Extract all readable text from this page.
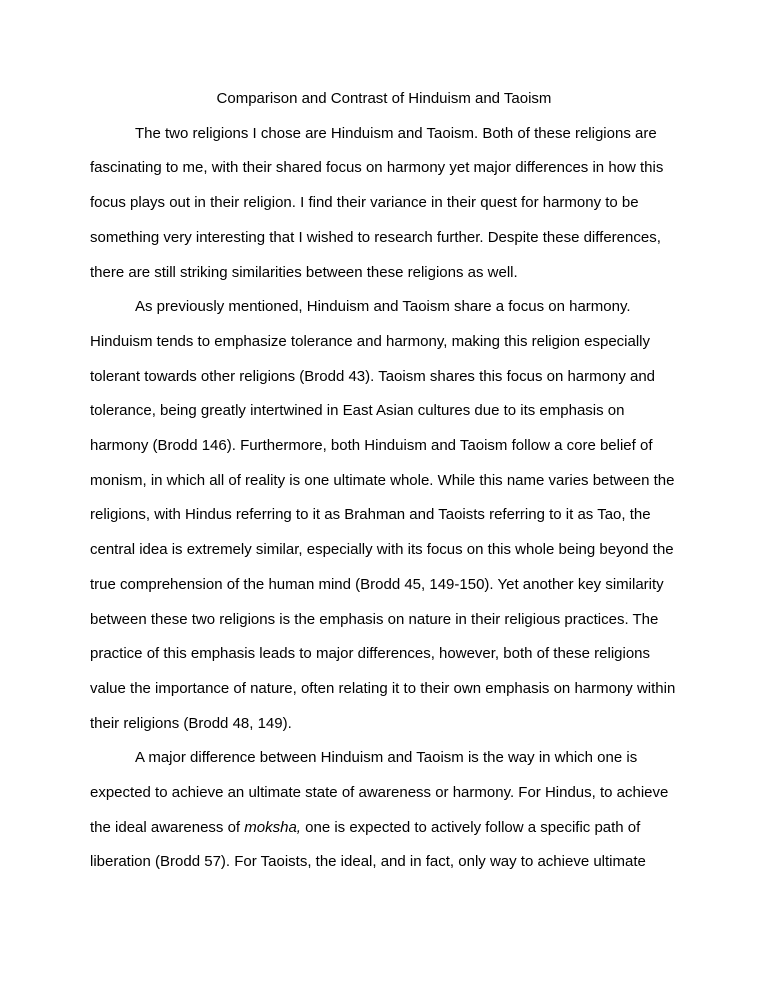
Comparison and Contrast of Hinduism and Taoism

The two religions I chose are Hinduism and Taoism. Both of these religions are fascinating to me, with their shared focus on harmony yet major differences in how this focus plays out in their religion. I find their variance in their quest for harmony to be something very interesting that I wished to research further. Despite these differences, there are still striking similarities between these religions as well.

As previously mentioned, Hinduism and Taoism share a focus on harmony. Hinduism tends to emphasize tolerance and harmony, making this religion especially tolerant towards other religions (Brodd 43). Taoism shares this focus on harmony and tolerance, being greatly intertwined in East Asian cultures due to its emphasis on harmony (Brodd 146). Furthermore, both Hinduism and Taoism follow a core belief of monism, in which all of reality is one ultimate whole. While this name varies between the religions, with Hindus referring to it as Brahman and Taoists referring to it as Tao, the central idea is extremely similar, especially with its focus on this whole being beyond the true comprehension of the human mind (Brodd 45, 149-150). Yet another key similarity between these two religions is the emphasis on nature in their religious practices. The practice of this emphasis leads to major differences, however, both of these religions value the importance of nature, often relating it to their own emphasis on harmony within their religions (Brodd 48, 149).

A major difference between Hinduism and Taoism is the way in which one is expected to achieve an ultimate state of awareness or harmony. For Hindus, to achieve the ideal awareness of moksha, one is expected to actively follow a specific path of liberation (Brodd 57). For Taoists, the ideal, and in fact, only way to achieve ultimate
